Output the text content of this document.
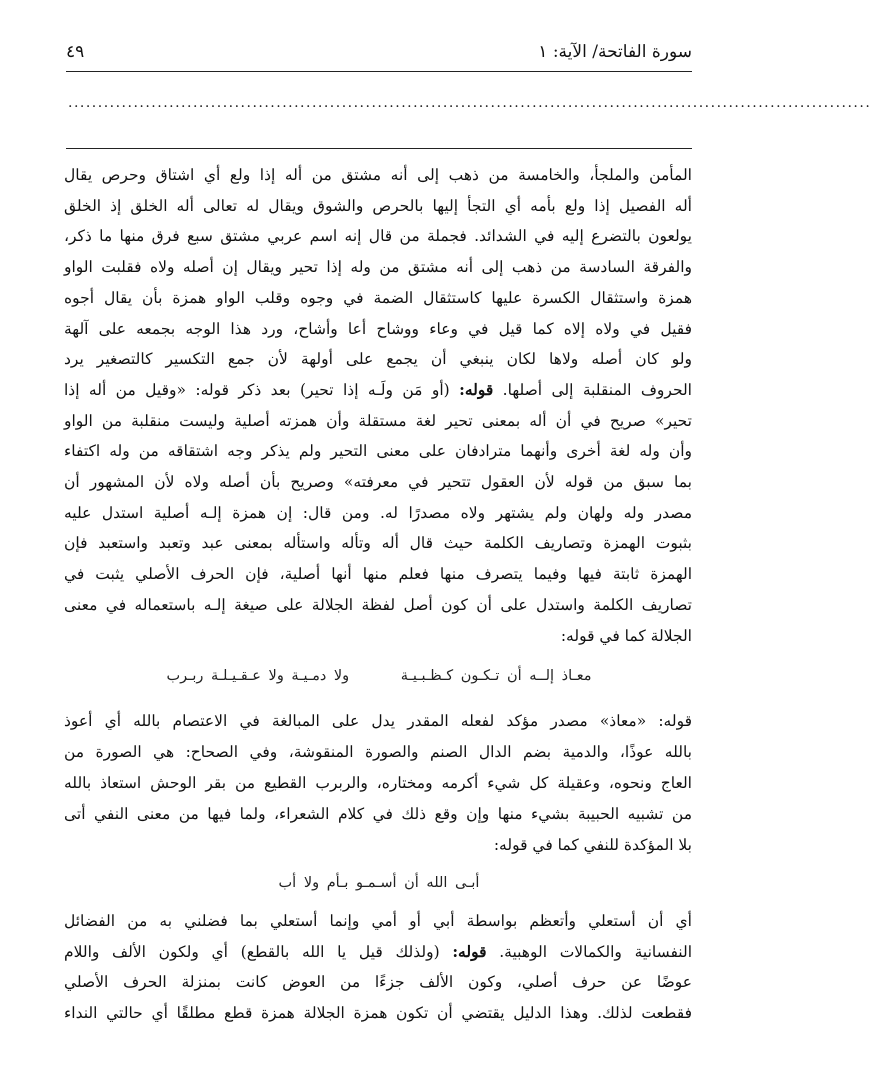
سورة الفاتحة/ الآية: ١
٤٩
.......................................................................................................................................
المأمن والملجأ، والخامسة من ذهب إلى أنه مشتق من أله إذا ولع أي اشتاق وحرص يقال
أله الفصيل إذا ولع بأمه أي التجأ إليها بالحرص والشوق ويقال له تعالى أله الخلق إذ الخلق
يولعون بالتضرع إليه في الشدائد. فجملة من قال إنه اسم عربي مشتق سبع فرق منها ما ذكر،
والفرقة السادسة من ذهب إلى أنه مشتق من وله إذا تحير ويقال إن أصله ولاه فقلبت الواو
همزة واستثقال الكسرة عليها كاستثقال الضمة في وجوه وقلب الواو همزة بأن يقال أجوه
فقيل في ولاه إلاه كما قيل في وعاء ووشاح أعا وأشاح، ورد هذا الوجه بجمعه على آلهة
ولو كان أصله ولاها لكان ينبغي أن يجمع على أولهة لأن جمع التكسير كالتصغير يرد
الحروف المنقلبة إلى أصلها. قوله: (أو مَن ولَـه إذا تحير) بعد ذكر قوله: «وقيل من أله إذا
تحير» صريح في أن أله بمعنى تحير لغة مستقلة وأن همزته أصلية وليست منقلبة من الواو
وأن وله لغة أخرى وأنهما مترادفان على معنى التحير ولم يذكر وجه اشتقاقه من وله اكتفاء
بما سبق من قوله لأن العقول تتحير في معرفته» وصريح بأن أصله ولاه لأن المشهور أن
مصدر وله ولهان ولم يشتهر ولاه مصدرًا له. ومن قال: إن همزة إلـه أصلية استدل عليه
بثبوت الهمزة وتصاريف الكلمة حيث قال أله وتأله واستأله بمعنى عبد وتعبد واستعبد فإن
الهمزة ثابتة فيها وفيما يتصرف منها فعلم منها أنها أصلية، فإن الحرف الأصلي يثبت في
تصاريف الكلمة واستدل على أن كون أصل لفظة الجلالة على صيغة إلـه باستعماله في معنى
الجلالة كما في قوله:
معـاذ إلــه أن تـكـون كـظـبـيـة ولا دمـيـة ولا عـقـيـلـة ربـرب
قوله: «معاذ» مصدر مؤكد لفعله المقدر يدل على المبالغة في الاعتصام بالله أي أعوذ
بالله عوذًا، والدمية بضم الدال الصنم والصورة المنقوشة، وفي الصحاح: هي الصورة من
العاج ونحوه، وعقيلة كل شيء أكرمه ومختاره، والربرب القطيع من بقر الوحش استعاذ بالله
من تشبيه الحبيبة بشيء منها وإن وقع ذلك في كلام الشعراء، ولما فيها من معنى النفي أتى
بلا المؤكدة للنفي كما في قوله:
أبـى الله أن أسـمـو بـأم ولا أب
أي أن أستعلي وأتعظم بواسطة أبي أو أمي وإنما أستعلي بما فضلني به من الفضائل
النفسانية والكمالات الوهبية. قوله: (ولذلك قيل يا الله بالقطع) أي ولكون الألف واللام
عوضًا عن حرف أصلي، وكون الألف جزءًا من العوض كانت بمنزلة الحرف الأصلي
فقطعت لذلك. وهذا الدليل يقتضي أن تكون همزة الجلالة همزة قطع مطلقًا أي حالتي النداء
